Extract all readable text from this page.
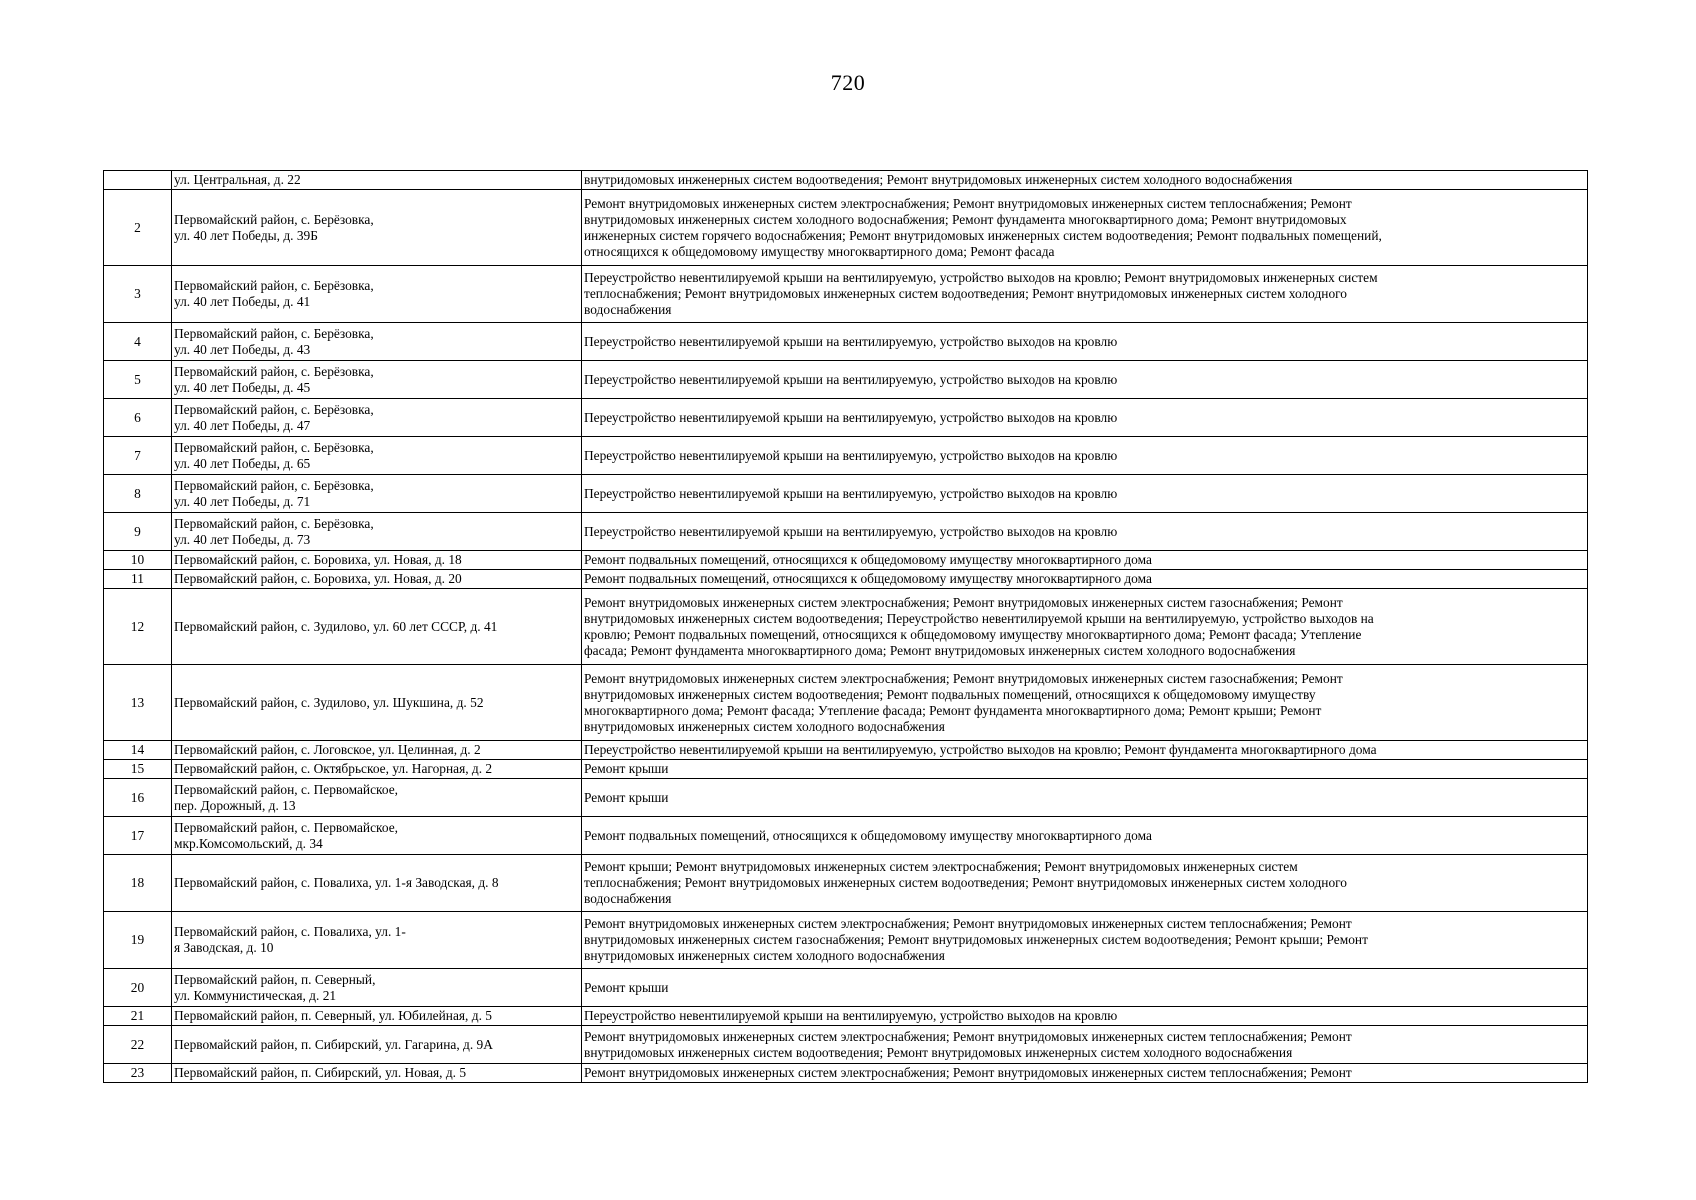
720

	ул. Центральная, д. 22	внутридомовых инженерных систем водоотведения; Ремонт внутридомовых инженерных систем холодного водоснабжения

2	Первомайский район, с. Берёзовка,
ул. 40 лет Победы, д. 39Б	Ремонт внутридомовых инженерных систем электроснабжения; Ремонт внутридомовых инженерных систем теплоснабжения; Ремонт
внутридомовых инженерных систем холодного водоснабжения; Ремонт фундамента многоквартирного дома; Ремонт внутридомовых
инженерных систем горячего водоснабжения; Ремонт внутридомовых инженерных систем водоотведения; Ремонт подвальных помещений,
относящихся к общедомовому имуществу многоквартирного дома; Ремонт фасада

3	Первомайский район, с. Берёзовка,
ул. 40 лет Победы, д. 41	Переустройство невентилируемой крыши на вентилируемую, устройство выходов на кровлю; Ремонт внутридомовых инженерных систем
теплоснабжения; Ремонт внутридомовых инженерных систем водоотведения; Ремонт внутридомовых инженерных систем холодного
водоснабжения

4	Первомайский район, с. Берёзовка,
ул. 40 лет Победы, д. 43	Переустройство невентилируемой крыши на вентилируемую, устройство выходов на кровлю

5	Первомайский район, с. Берёзовка,
ул. 40 лет Победы, д. 45	Переустройство невентилируемой крыши на вентилируемую, устройство выходов на кровлю

6	Первомайский район, с. Берёзовка,
ул. 40 лет Победы, д. 47	Переустройство невентилируемой крыши на вентилируемую, устройство выходов на кровлю

7	Первомайский район, с. Берёзовка,
ул. 40 лет Победы, д. 65	Переустройство невентилируемой крыши на вентилируемую, устройство выходов на кровлю

8	Первомайский район, с. Берёзовка,
ул. 40 лет Победы, д. 71	Переустройство невентилируемой крыши на вентилируемую, устройство выходов на кровлю

9	Первомайский район, с. Берёзовка,
ул. 40 лет Победы, д. 73	Переустройство невентилируемой крыши на вентилируемую, устройство выходов на кровлю

10	Первомайский район, с. Боровиха, ул. Новая, д. 18	Ремонт подвальных помещений, относящихся к общедомовому имуществу многоквартирного дома

11	Первомайский район, с. Боровиха, ул. Новая, д. 20	Ремонт подвальных помещений, относящихся к общедомовому имуществу многоквартирного дома

12	Первомайский район, с. Зудилово, ул. 60 лет СССР, д. 41	Ремонт внутридомовых инженерных систем электроснабжения; Ремонт внутридомовых инженерных систем газоснабжения; Ремонт
внутридомовых инженерных систем водоотведения; Переустройство невентилируемой крыши на вентилируемую, устройство выходов на
кровлю; Ремонт подвальных помещений, относящихся к общедомовому имуществу многоквартирного дома; Ремонт фасада; Утепление
фасада; Ремонт фундамента многоквартирного дома; Ремонт внутридомовых инженерных систем холодного водоснабжения

13	Первомайский район, с. Зудилово, ул. Шукшина, д. 52	Ремонт внутридомовых инженерных систем электроснабжения; Ремонт внутридомовых инженерных систем газоснабжения; Ремонт
внутридомовых инженерных систем водоотведения; Ремонт подвальных помещений, относящихся к общедомовому имуществу
многоквартирного дома; Ремонт фасада; Утепление фасада; Ремонт фундамента многоквартирного дома; Ремонт крыши; Ремонт
внутридомовых инженерных систем холодного водоснабжения

14	Первомайский район, с. Логовское, ул. Целинная, д. 2	Переустройство невентилируемой крыши на вентилируемую, устройство выходов на кровлю; Ремонт фундамента многоквартирного дома

15	Первомайский район, с. Октябрьское, ул. Нагорная, д. 2	Ремонт крыши

16	Первомайский район, с. Первомайское,
пер. Дорожный, д. 13	Ремонт крыши

17	Первомайский район, с. Первомайское,
мкр.Комсомольский, д. 34	Ремонт подвальных помещений, относящихся к общедомовому имуществу многоквартирного дома

18	Первомайский район, с. Повалиха, ул. 1-я Заводская, д. 8	Ремонт крыши; Ремонт внутридомовых инженерных систем электроснабжения; Ремонт внутридомовых инженерных систем
теплоснабжения; Ремонт внутридомовых инженерных систем водоотведения; Ремонт внутридомовых инженерных систем холодного
водоснабжения

19	Первомайский район, с. Повалиха, ул. 1-
я Заводская, д. 10	Ремонт внутридомовых инженерных систем электроснабжения; Ремонт внутридомовых инженерных систем теплоснабжения; Ремонт
внутридомовых инженерных систем газоснабжения; Ремонт внутридомовых инженерных систем водоотведения; Ремонт крыши; Ремонт
внутридомовых инженерных систем холодного водоснабжения

20	Первомайский район, п. Северный,
ул. Коммунистическая, д. 21	Ремонт крыши

21	Первомайский район, п. Северный, ул. Юбилейная, д. 5	Переустройство невентилируемой крыши на вентилируемую, устройство выходов на кровлю

22	Первомайский район, п. Сибирский, ул. Гагарина, д. 9А	Ремонт внутридомовых инженерных систем электроснабжения; Ремонт внутридомовых инженерных систем теплоснабжения; Ремонт
внутридомовых инженерных систем водоотведения; Ремонт внутридомовых инженерных систем холодного водоснабжения

23	Первомайский район, п. Сибирский, ул. Новая, д. 5	Ремонт внутридомовых инженерных систем электроснабжения; Ремонт внутридомовых инженерных систем теплоснабжения; Ремонт
